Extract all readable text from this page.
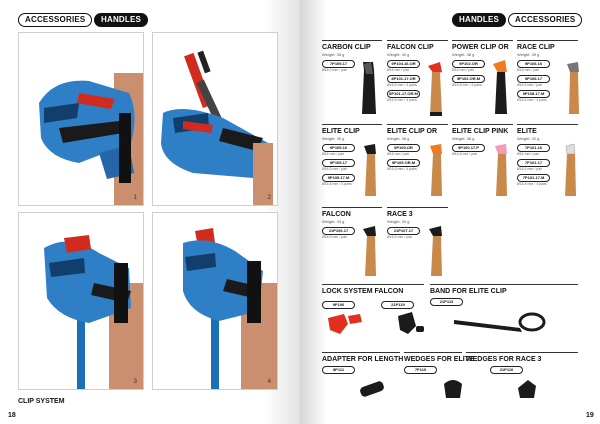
ACCESSORIES	HANDLES
1	2
3	4
CLIP SYSTEM
18
HANDLES	ACCESSORIES
CARBON CLIP
Weight: 35 g
7P109.17
Ø16,0 mm / pair
FALCON CLIP
Weight: 40 g
9P104.16.OR
Ø16 mm / pair
8P101.17.OR
Ø16,5 mm / 4 pairs
8P101.17.OR.M
Ø16,5 mm / 4 pairs
POWER CLIP OR
Weight: 38 g
9P102.OR
Ø16 mm / pair
9P102.OR.M
Ø16,5 mm / 4 pairs
RACE CLIP
Weight: 39 g
9P108.16
Ø16 mm / pair
9P108.17
Ø16,5 mm / pair
9P108.17.M
Ø16,5 mm / 4 pairs
ELITE CLIP
Weight: 35 g
9P105.16
Ø16 mm / pair
9P105.17
Ø16,5 mm / pair
9P105.17.M
Ø16,5 mm / 4 pairs
ELITE CLIP OR
Weight: 38 g
9P105.OR
Ø16 mm / pair
9P105.OR.M
Ø16,5 mm / 4 pairs
ELITE CLIP PINK
Weight: 38 g
9P100.17.P
Ø16,5 mm / pair
ELITE
Weight: 32 g
7P101.16
Ø16 mm / pair
7P101.17
Ø16,5 mm / pair
7P101.17.M
Ø16,5 mm / 4 pairs
FALCON
Weight: 33 g
21P106.17
Ø16,5 mm / pair
RACE 3
Weight: 30 g
21P107.17
Ø16,5 mm / pair
LOCK SYSTEM FALCON
9P106	21P119
BAND FOR ELITE CLIP
21P113
ADAPTER FOR LENGTH
8P111
WEDGES FOR ELITE
7P110
WEDGES FOR RACE 3
21P110
19
